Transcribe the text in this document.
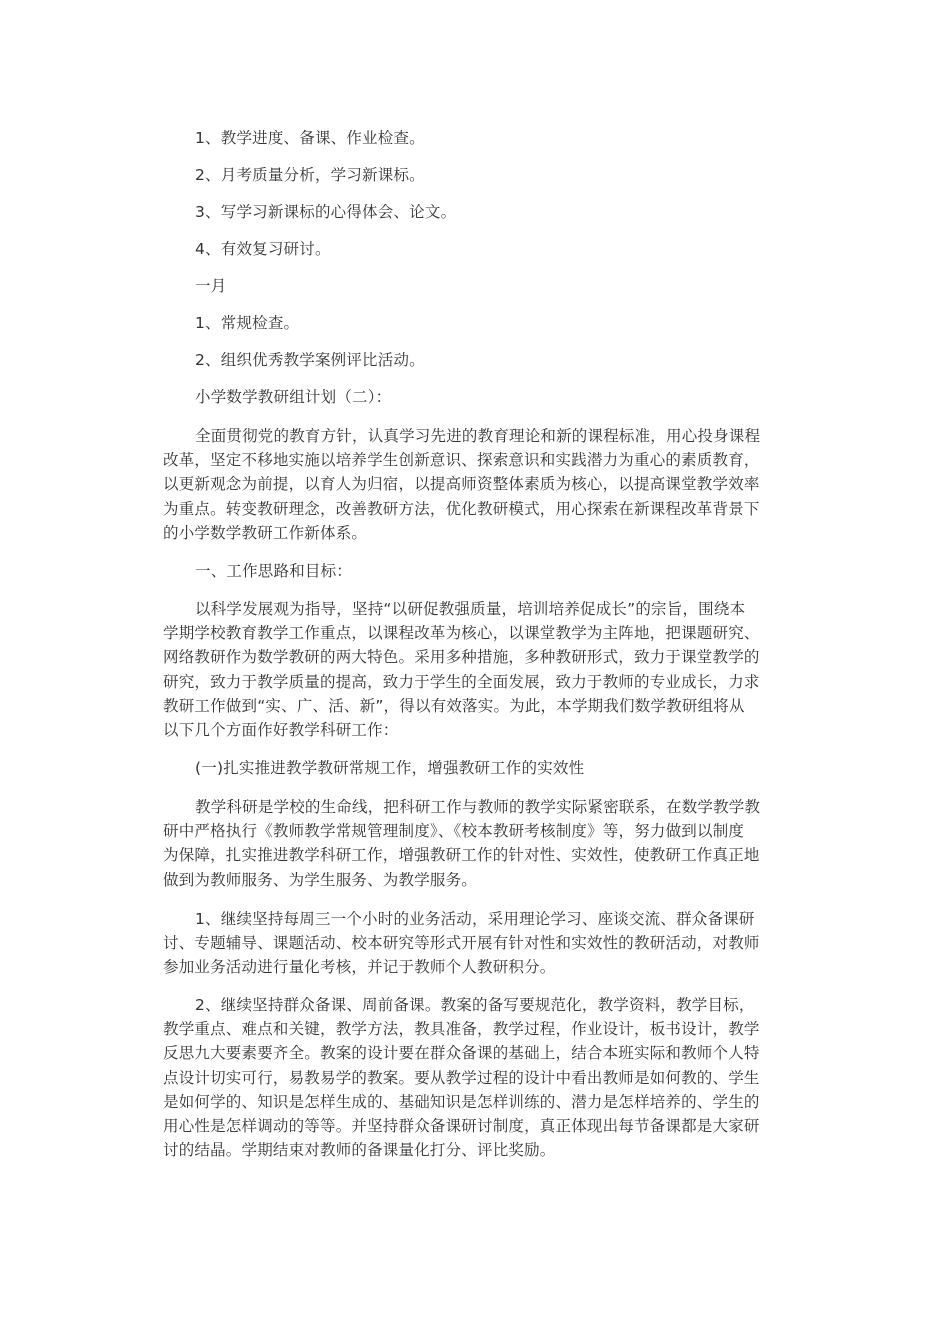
1、教学进度、备课、作业检查。
2、月考质量分析，学习新课标。
3、写学习新课标的心得体会、论文。
4、有效复习研讨。
一月
1、常规检查。
2、组织优秀教学案例评比活动。
小学数学教研组计划（二）：
全面贯彻党的教育方针，认真学习先进的教育理论和新的课程标准，用心投身课程
改革，坚定不移地实施以培养学生创新意识、探索意识和实践潜力为重心的素质教育，
以更新观念为前提，以育人为归宿，以提高师资整体素质为核心，以提高课堂教学效率
为重点。转变教研理念，改善教研方法，优化教研模式，用心探索在新课程改革背景下
的小学数学教研工作新体系。
一、工作思路和目标：
以科学发展观为指导，坚持“以研促教强质量，培训培养促成长”的宗旨，围绕本
学期学校教育教学工作重点，以课程改革为核心，以课堂教学为主阵地，把课题研究、
网络教研作为数学教研的两大特色。采用多种措施，多种教研形式，致力于课堂教学的
研究，致力于教学质量的提高，致力于学生的全面发展，致力于教师的专业成长，力求
教研工作做到“实、广、活、新”，得以有效落实。为此，本学期我们数学教研组将从
以下几个方面作好教学科研工作：
(一)扎实推进教学教研常规工作，增强教研工作的实效性
教学科研是学校的生命线，把科研工作与教师的教学实际紧密联系，在数学教学教
研中严格执行《教师教学常规管理制度》、《校本教研考核制度》等，努力做到以制度
为保障，扎实推进教学科研工作，增强教研工作的针对性、实效性，使教研工作真正地
做到为教师服务、为学生服务、为教学服务。
1、继续坚持每周三一个小时的业务活动，采用理论学习、座谈交流、群众备课研
讨、专题辅导、课题活动、校本研究等形式开展有针对性和实效性的教研活动，对教师
参加业务活动进行量化考核，并记于教师个人教研积分。
2、继续坚持群众备课、周前备课。教案的备写要规范化，教学资料，教学目标，
教学重点、难点和关键，教学方法，教具准备，教学过程，作业设计，板书设计，教学
反思九大要素要齐全。教案的设计要在群众备课的基础上，结合本班实际和教师个人特
点设计切实可行，易教易学的教案。要从教学过程的设计中看出教师是如何教的、学生
是如何学的、知识是怎样生成的、基础知识是怎样训练的、潜力是怎样培养的、学生的
用心性是怎样调动的等等。并坚持群众备课研讨制度，真正体现出每节备课都是大家研
讨的结晶。学期结束对教师的备课量化打分、评比奖励。
